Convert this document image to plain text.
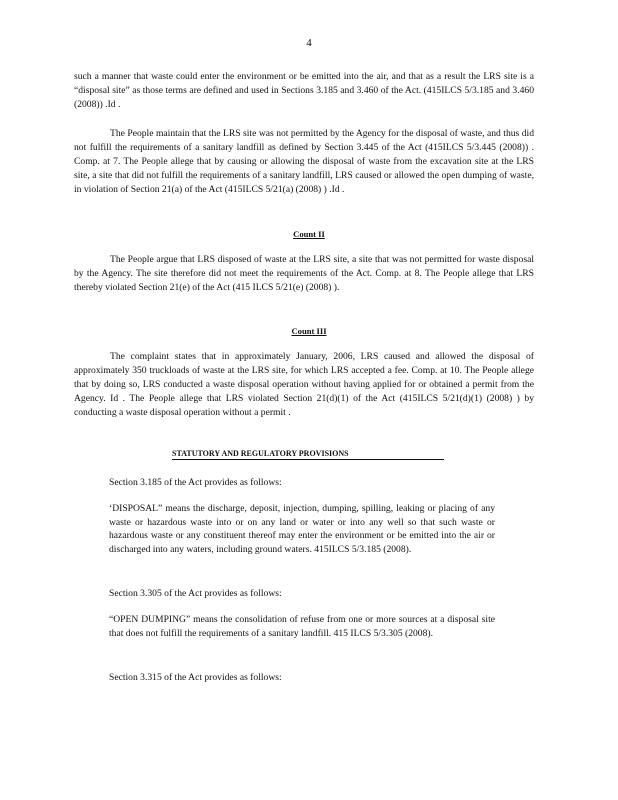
4

such a manner that waste could enter the environment or be emitted into the air, and that as a result the LRS site is a “disposal site” as those terms are defined and used in Sections 3.185 and 3.460 of the Act. (415ILCS 5/3.185 and 3.460 (2008)) .Id .

The People maintain that the LRS site was not permitted by the Agency for the disposal of waste, and thus did not fulfill the requirements of a sanitary landfill as defined by Section 3.445 of the Act (415ILCS 5/3.445 (2008)) . Comp. at 7. The People allege that by causing or allowing the disposal of waste from the excavation site at the LRS site, a site that did not fulfill the requirements of a sanitary landfill, LRS caused or allowed the open dumping of waste, in violation of Section 21(a) of the Act (415ILCS 5/21(a) (2008) ) .Id .

Count II

The People argue that LRS disposed of waste at the LRS site, a site that was not permitted for waste disposal by the Agency. The site therefore did not meet the requirements of the Act. Comp. at 8. The People allege that LRS thereby violated Section 21(e) of the Act (415 ILCS 5/21(e) (2008) ).

Count III

The complaint states that in approximately January, 2006, LRS caused and allowed the disposal of approximately 350 truckloads of waste at the LRS site, for which LRS accepted a fee. Comp. at 10. The People allege that by doing so, LRS conducted a waste disposal operation without having applied for or obtained a permit from the Agency. Id . The People allege that LRS violated Section 21(d)(1) of the Act (415ILCS 5/21(d)(1) (2008) ) by conducting a waste disposal operation without a permit .

STATUTORY AND REGULATORY PROVISIONS

Section 3.185 of the Act provides as follows:

‘DISPOSAL” means the discharge, deposit, injection, dumping, spilling, leaking or placing of any waste or hazardous waste into or on any land or water or into any well so that such waste or hazardous waste or any constituent thereof may enter the environment or be emitted into the air or discharged into any waters, including ground waters. 415ILCS 5/3.185 (2008).

Section 3.305 of the Act provides as follows:

“OPEN DUMPING” means the consolidation of refuse from one or more sources at a disposal site that does not fulfill the requirements of a sanitary landfill. 415 ILCS 5/3.305 (2008).

Section 3.315 of the Act provides as follows:
